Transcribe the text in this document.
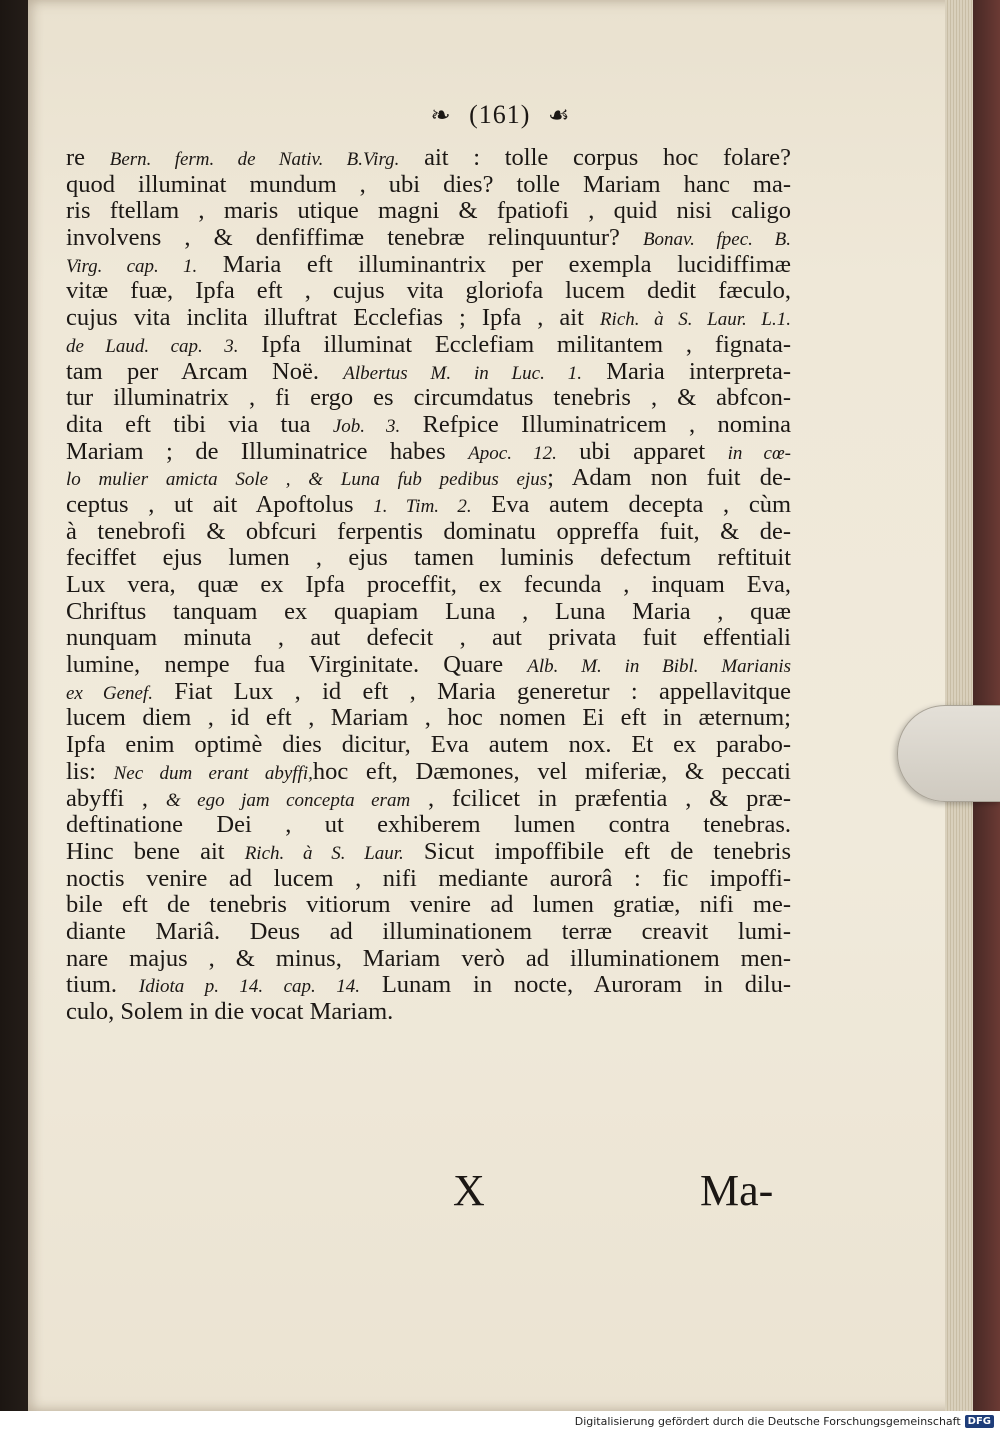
❧ (161) ☙
re Bern. ferm. de Nativ. B.Virg. ait : tolle corpus hoc folare?
quod illuminat mundum , ubi dies? tolle Mariam hanc ma-
ris ftellam , maris utique magni & fpatiofi , quid nisi caligo
involvens , & denfiffimæ tenebræ relinquuntur? Bonav. fpec. B.
Virg. cap. 1. Maria eft illuminantrix per exempla lucidiffimæ
vitæ fuæ, Ipfa eft , cujus vita gloriofa lucem dedit fæculo,
cujus vita inclita illuftrat Ecclefias ; Ipfa , ait Rich. à S. Laur. L.1.
de Laud. cap. 3. Ipfa illuminat Ecclefiam militantem , fignata-
tam per Arcam Noë. Albertus M. in Luc. 1. Maria interpreta-
tur illuminatrix , fi ergo es circumdatus tenebris , & abfcon-
dita eft tibi via tua Job. 3. Refpice Illuminatricem , nomina
Mariam ; de Illuminatrice habes Apoc. 12. ubi apparet in cœ-
lo mulier amicta Sole , & Luna fub pedibus ejus; Adam non fuit de-
ceptus , ut ait Apoftolus 1. Tim. 2. Eva autem decepta , cùm
à tenebrofi & obfcuri ferpentis dominatu oppreffa fuit, & de-
feciffet ejus lumen , ejus tamen luminis defectum reftituit
Lux vera, quæ ex Ipfa proceffit, ex fecunda , inquam Eva,
Chriftus tanquam ex quapiam Luna , Luna Maria , quæ
nunquam minuta , aut defecit , aut privata fuit effentiali
lumine, nempe fua Virginitate. Quare Alb. M. in Bibl. Marianis
ex Genef. Fiat Lux , id eft , Maria generetur : appellavitque
lucem diem , id eft , Mariam , hoc nomen Ei eft in æternum;
Ipfa enim optimè dies dicitur, Eva autem nox. Et ex parabo-
lis: Nec dum erant abyffi,hoc eft, Dæmones, vel miferiæ, & peccati
abyffi , & ego jam concepta eram , fcilicet in præfentia , & præ-
deftinatione Dei , ut exhiberem lumen contra tenebras.
Hinc bene ait Rich. à S. Laur. Sicut impoffibile eft de tenebris
noctis venire ad lucem , nifi mediante aurorâ : fic impoffi-
bile eft de tenebris vitiorum venire ad lumen gratiæ, nifi me-
diante Mariâ. Deus ad illuminationem terræ creavit lumi-
nare majus , & minus, Mariam verò ad illuminationem men-
tium. Idiota p. 14. cap. 14. Lunam in nocte, Auroram in dilu-
culo, Solem in die vocat Mariam.
X	Ma-
Digitalisierung gefördert durch die Deutsche Forschungsgemeinschaft DFG
